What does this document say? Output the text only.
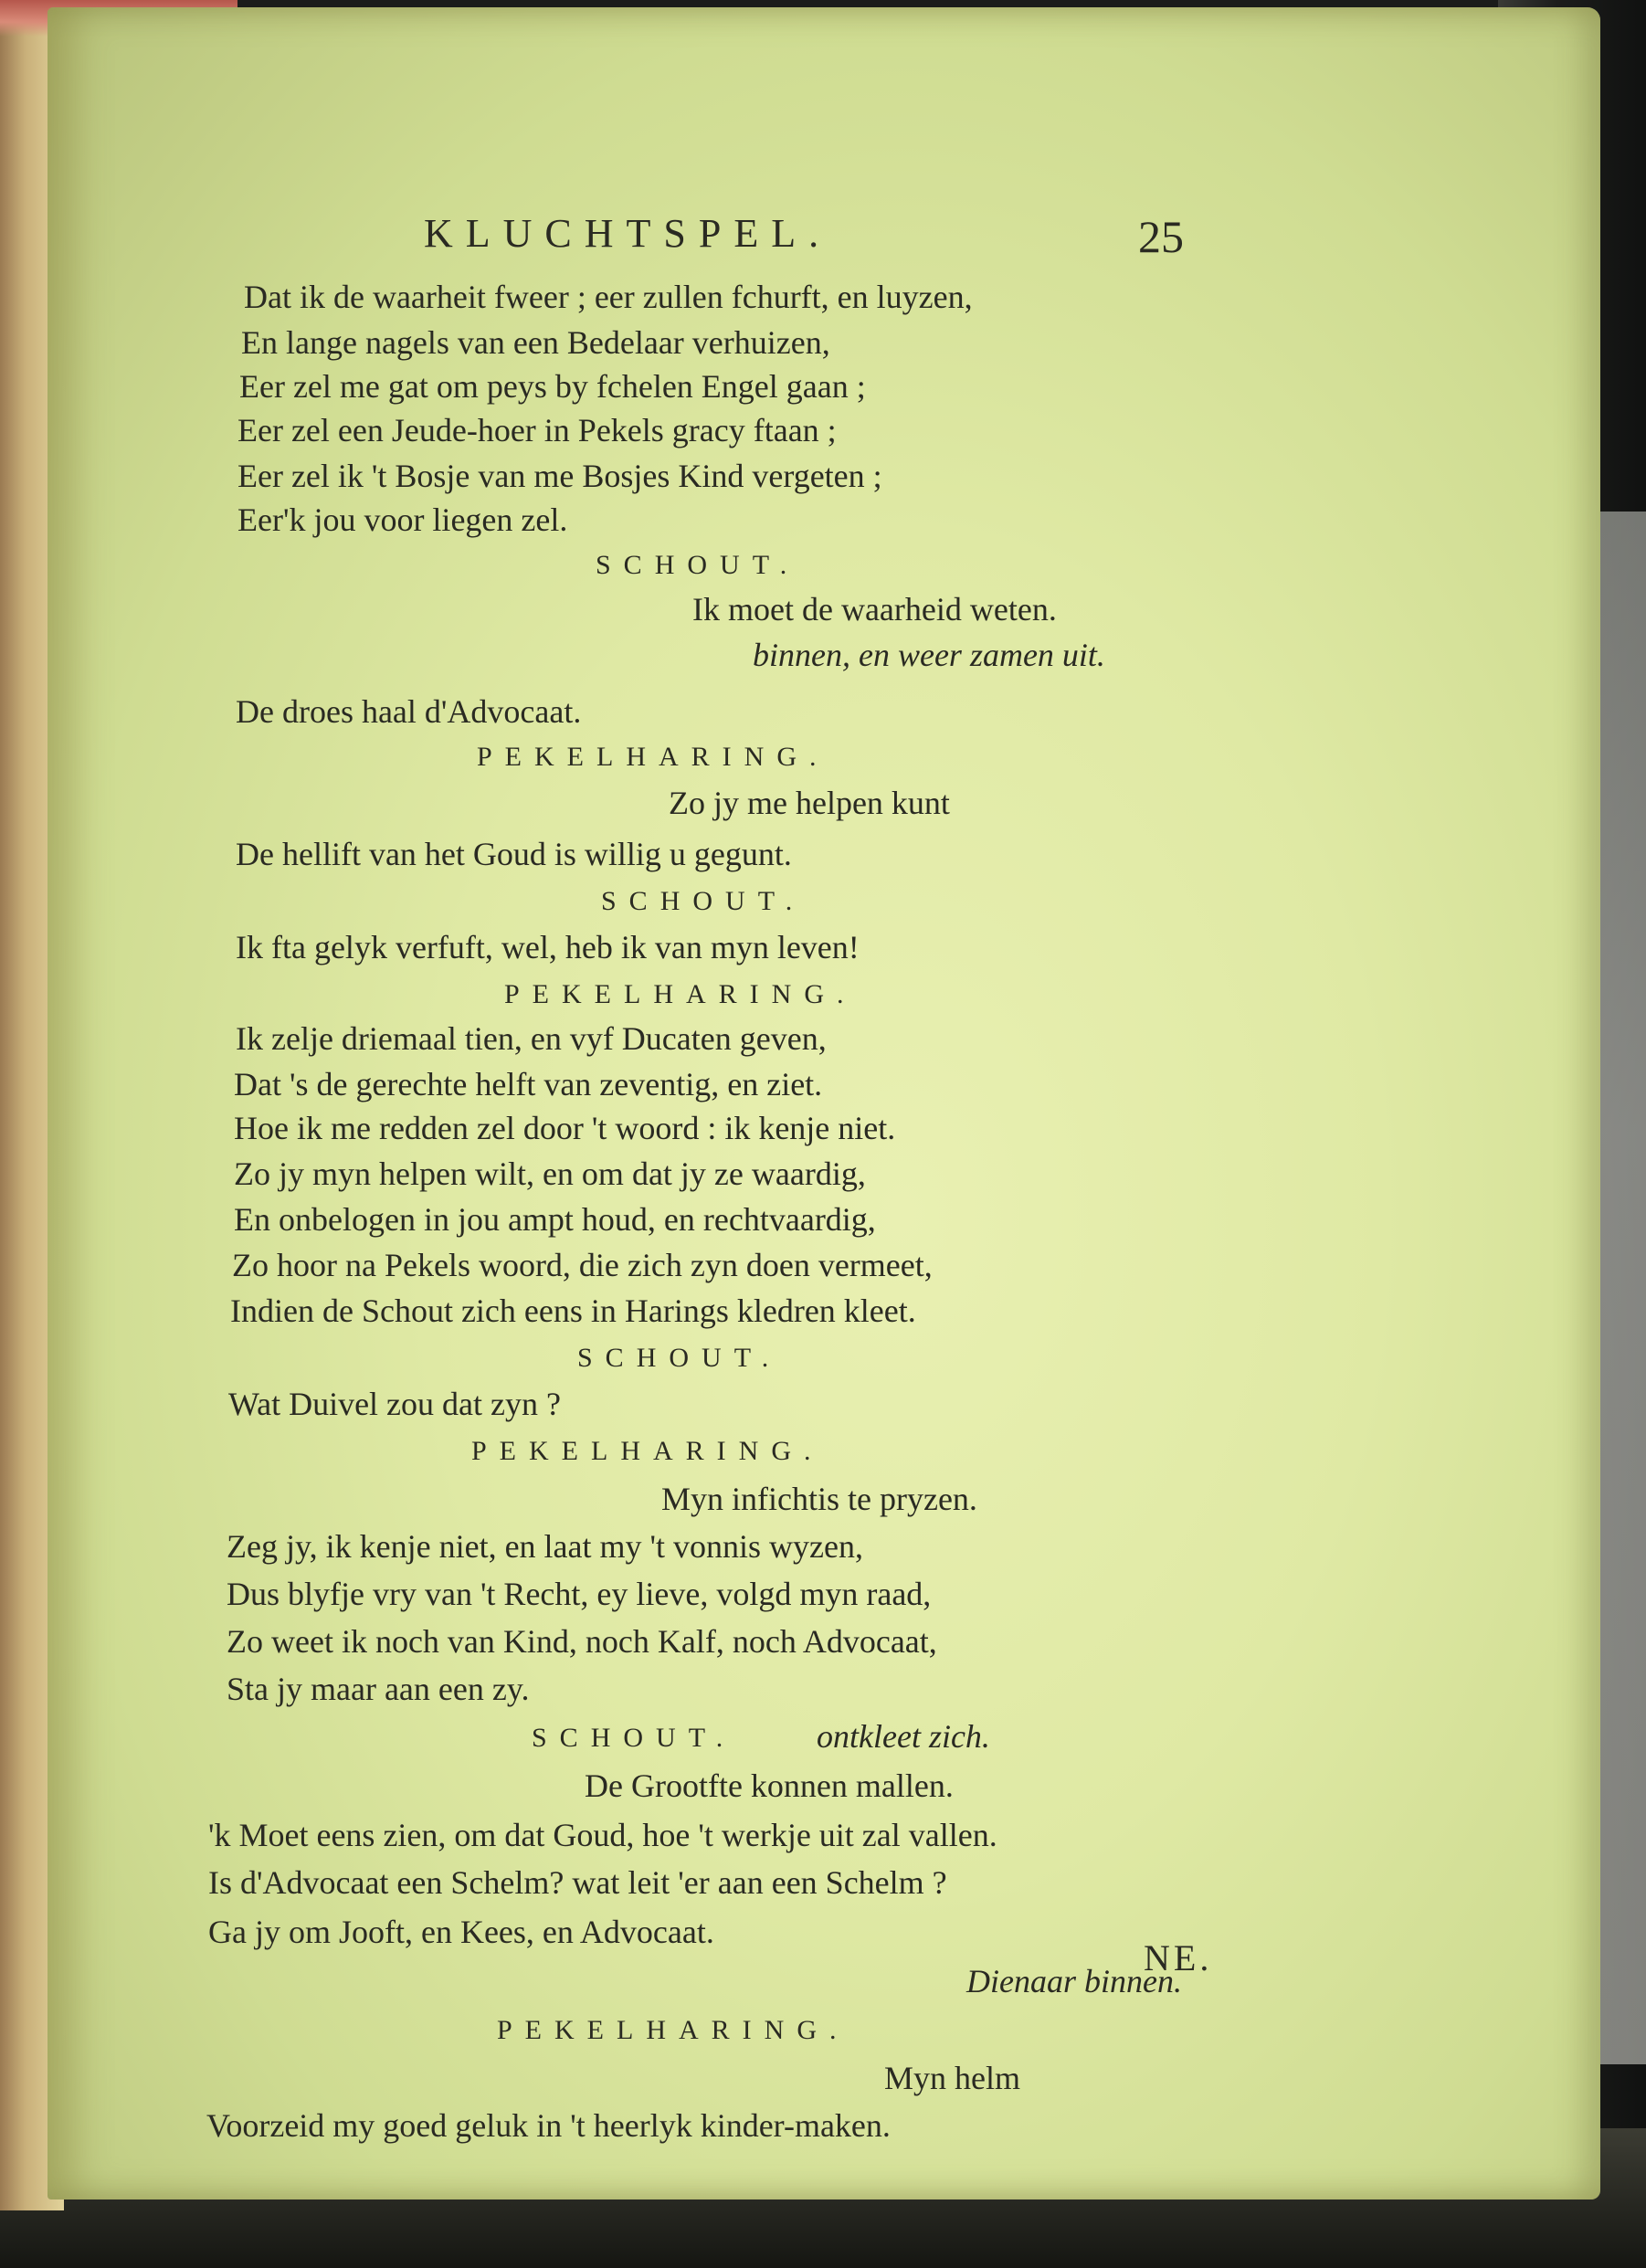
KLUCHTSPEL.	25
Dat ik de waarheit fweer ; eer zullen fchurft, en luyzen,
En lange nagels van een Bedelaar verhuizen,
Eer zel me gat om peys by fchelen Engel gaan ;
Eer zel een Jeude-hoer in Pekels gracy ftaan ;
Eer zel ik 't Bosje van me Bosjes Kind vergeten ;
Eer'k jou voor liegen zel.
SCHOUT.
Ik moet de waarheid weten.
binnen, en weer zamen uit.
De droes haal d'Advocaat.
PEKELHARING.
Zo jy me helpen kunt
De hellift van het Goud is willig u gegunt.
SCHOUT.
Ik fta gelyk verfuft, wel, heb ik van myn leven!
PEKELHARING.
Ik zelje driemaal tien, en vyf Ducaten geven,
Dat 's de gerechte helft van zeventig, en ziet.
Hoe ik me redden zel door 't woord : ik kenje niet.
Zo jy myn helpen wilt, en om dat jy ze waardig,
En onbelogen in jou ampt houd, en rechtvaardig,
Zo hoor na Pekels woord, die zich zyn doen vermeet,
Indien de Schout zich eens in Harings kledren kleet.
SCHOUT.
Wat Duivel zou dat zyn ?
PEKELHARING.
Myn infichtis te pryzen.
Zeg jy, ik kenje niet, en laat my 't vonnis wyzen,
Dus blyfje vry van 't Recht, ey lieve, volgd myn raad,
Zo weet ik noch van Kind, noch Kalf, noch Advocaat,
Sta jy maar aan een zy.
SCHOUT. ontkleet zich.
De Grootfte konnen mallen.
'k Moet eens zien, om dat Goud, hoe 't werkje uit zal vallen.
Is d'Advocaat een Schelm? wat leit 'er aan een Schelm ?
Ga jy om Jooft, en Kees, en Advocaat.
Dienaar binnen.
PEKELHARING.
Myn helm
Voorzeid my goed geluk in 't heerlyk kinder-maken.
NE.
